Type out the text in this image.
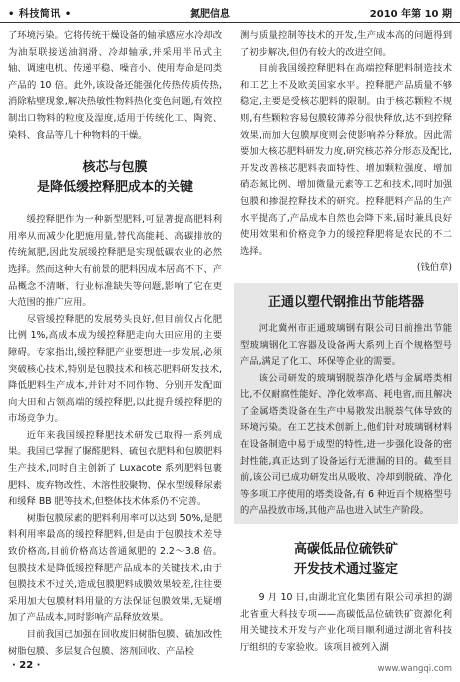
• 科技简讯 •	氮肥信息	2010 年第 10 期

了环境污染。它将传统干燥设备的轴承感应水冷却改为油泵联接送油润滑、冷却轴承,并采用半吊式主轴、调速电机、传递平稳、噪音小、使用寿命是同类产品的 10 倍。此外,该设备还能强化传热传质传热,消除粘壁现象,解决热敏性物料热化变色问题,有效控制出口物料的粒度及湿度,适用于传统化工、陶瓷、染料、食品等几十种物料的干燥。

核芯与包膜
是降低缓控释肥成本的关键

缓控释肥作为一种新型肥料,可显著提高肥料利用率从而减少化肥施用量,替代高能耗、高碳排放的传统氮肥,因此发展缓控释肥是实现低碳农业的必然选择。然而这种大有前景的肥料因成本居高不下、产品概念不清晰、行业标准缺失等问题,影响了它在更大范围的推广应用。

尽管缓控释肥的发展势头良好,但目前仅占化肥比例 1%,高成本成为缓控释肥走向大田应用的主要障碍。专家指出,缓控释肥产业要想进一步发展,必须突破核心技术,特别是包膜技术和核芯肥料研发技术,降低肥料生产成本,并针对不同作物、分别开发配面向大田和占领高端的缓控释肥,以此提升缓控释肥的市场竞争力。

近年来我国缓控释肥技术研发已取得一系列成果。我国已掌握了脲醛肥料、硫包衣肥料和包膜肥料生产技术,同时自主创新了 Luxacote 系列肥料包裹肥料、废弃物改性、木溶性胶聚物、保水型缓释尿素和缓释 BB 肥等技术,但整体技术体系仍不完善。

树脂包膜尿素的肥料利用率可以达到 50%,是肥料利用率最高的缓控释肥料,但是由于包膜技术差导致价格高,目前价格高达普通氮肥的 2.2～3.8 倍。包膜技术是降低缓控释肥产品成本的关键技术,由于包膜技术不过关,造成包膜肥料成膜效果较差,往往要采用加大包膜材料用量的方法保证包膜效果,无疑增加了产品成本,同时影响产品释放效果。

目前我国已加强在回收废旧树脂包膜、硫加改性树脂包膜、多层复合包膜、溶剂回收、产品检

测与质量控制等技术的开发,生产成本高的问题得到了初步解决,但仍有较大的改进空间。

目前我国缓控释肥料在高端控释肥料制造技术和工艺上不及欧美国家水平。控释肥产品质量不够稳定,主要是受核芯肥料的限制。由于核芯颗粒不规则,有些颗粒容易包膜较薄养分很快释放,达不到控释效果,而加大包膜厚度则会使影响养分释放。因此需要加大核芯肥料研发力度,研究核芯养分形态及配比,开发改善核芯肥料表面特性、增加颗粒强度、增加硝态氮比例、增加微量元素等工艺和技术,同时加强包膜和掺混控释技术的研究。控释肥料产品的生产水平提高了,产品成本自然也会降下来,届时兼具良好使用效果和价格竞争力的缓控释肥将是农民的不二选择。

(钱伯章)

正通以塑代钢推出节能塔器

河北冀州市正通玻璃钢有限公司日前推出节能型玻璃钢化工容器及设备两大系列上百个规格型号产品,满足了化工、环保等企业的需要。

该公司研发的玻璃钢脱萘净化塔与金属塔类相比,不仅耐腐性能好、净化效率高、耗电省,而且解决了金属塔类设备在生产中易散发出脱萘气体导致的环境污染。在工艺技术创新上,他们针对玻璃钢材料在设备制造中易于成型的特性,进一步强化设备的密封性能,真正达到了设备运行无泄漏的目的。截至目前,该公司已成功研发出从吸收、冷却到脱硫、净化等多项工序使用的塔类设备,有 6 种近百个规格型号的产品投放市场,其他产品也进入试生产阶段。

高碳低品位硫铁矿
开发技术通过鉴定

9 月 10 日,由湖北宜化集团有限公司承担的湖北省重大科技专项——高碳低品位硫铁矿资源化利用关键技术开发与产业化项目顺利通过湖北省科技厅组织的专家验收。该项目被列入湖

· 22 ·	www.wangqi.com
